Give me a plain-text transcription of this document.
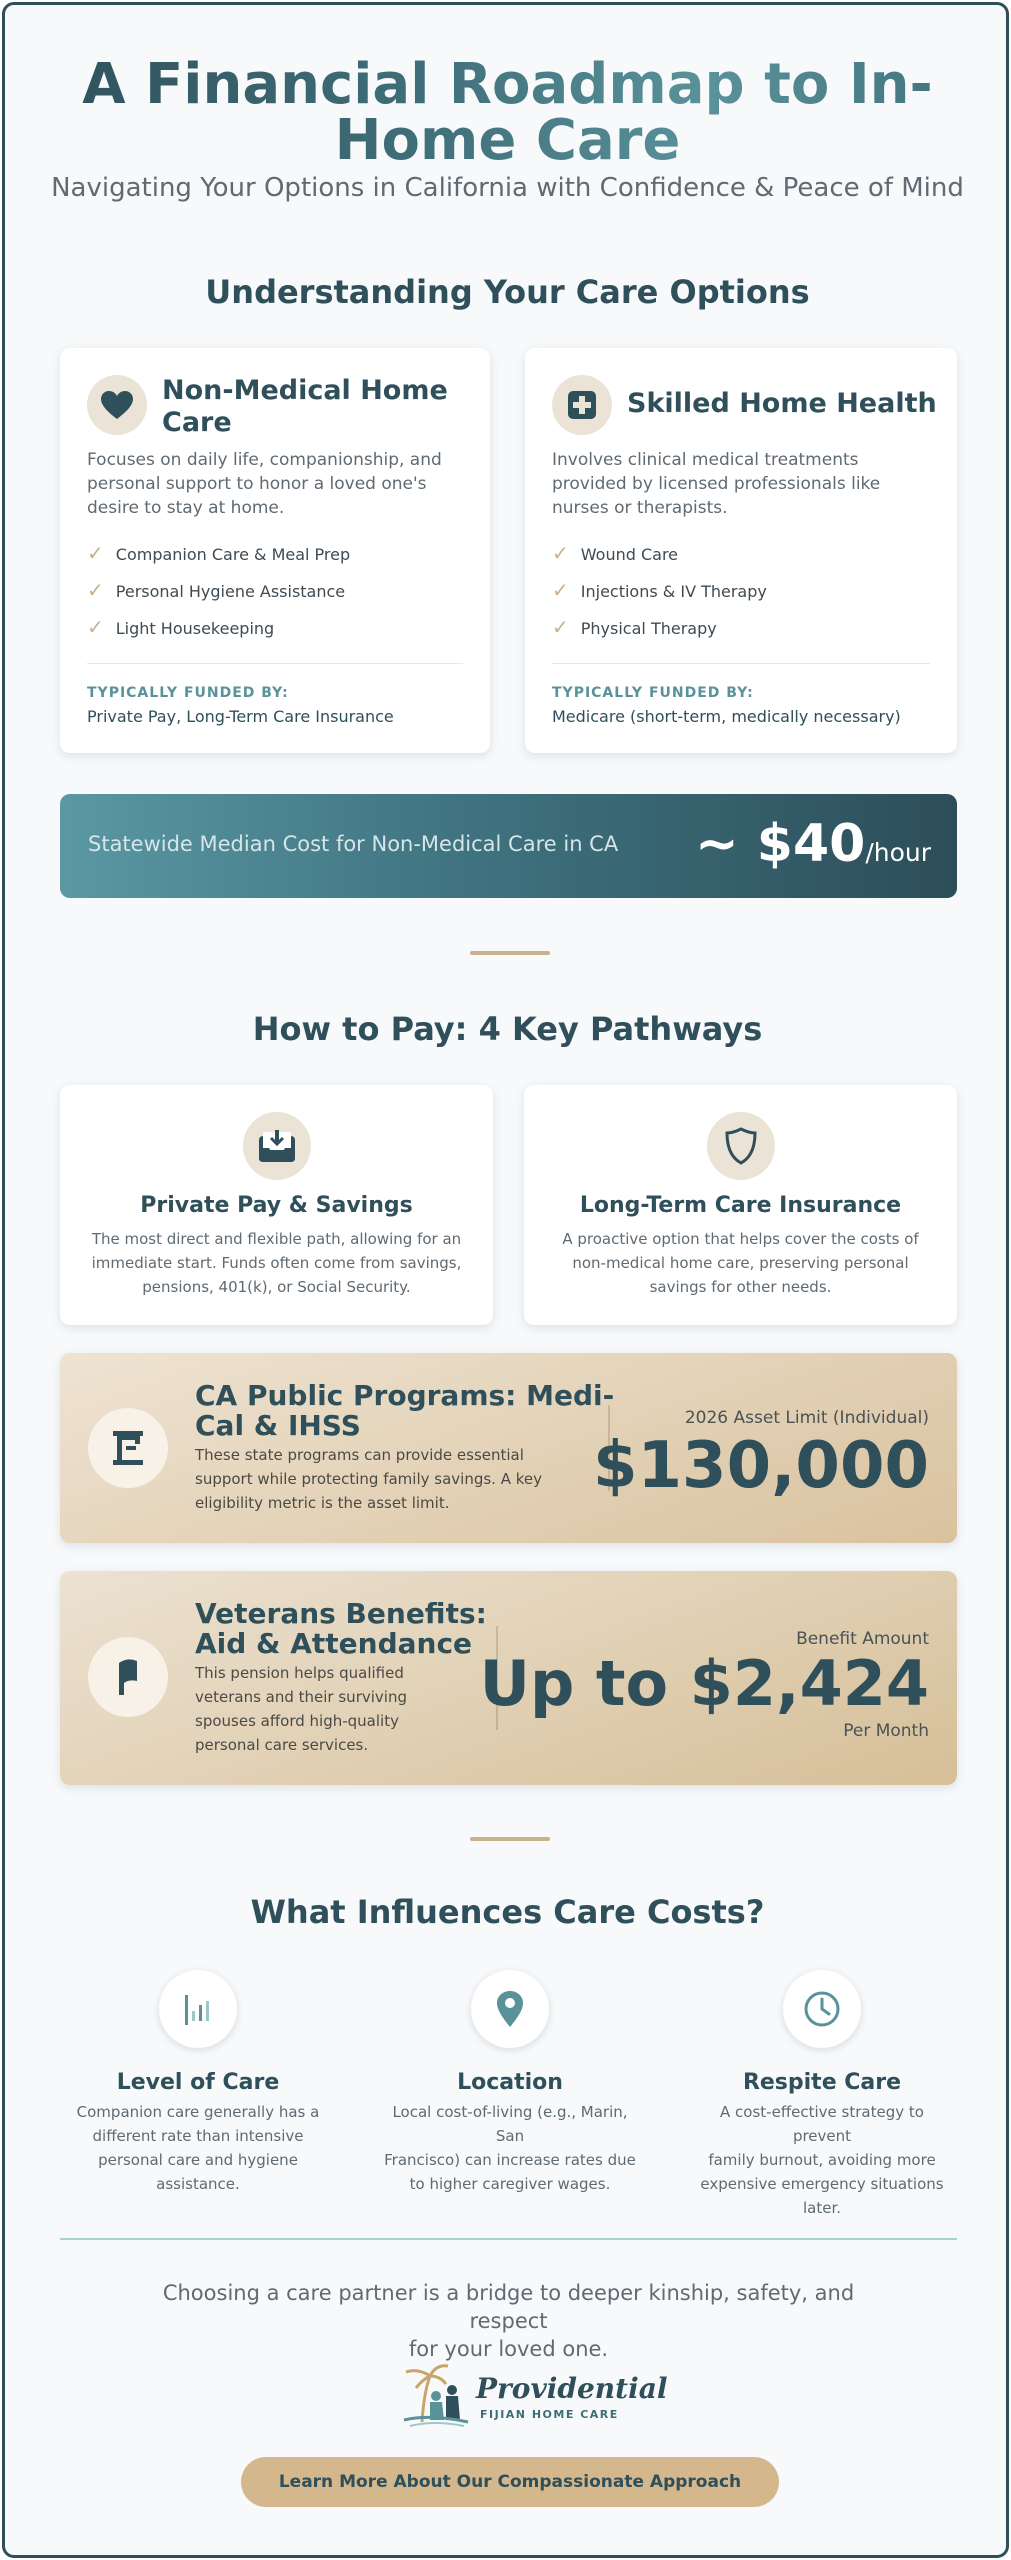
A Financial Roadmap to In-
Home Care
Navigating Your Options in California with Confidence & Peace of Mind
Understanding Your Care Options
Non-Medical Home
Care
Focuses on daily life, companionship, and
personal support to honor a loved one's
desire to stay at home.
✓ Companion Care & Meal Prep
✓ Personal Hygiene Assistance
✓ Light Housekeeping
TYPICALLY FUNDED BY:
Private Pay, Long-Term Care Insurance
Skilled Home Health
Involves clinical medical treatments
provided by licensed professionals like
nurses or therapists.
✓ Wound Care
✓ Injections & IV Therapy
✓ Physical Therapy
TYPICALLY FUNDED BY:
Medicare (short-term, medically necessary)
Statewide Median Cost for Non-Medical Care in CA ~ $40/hour
How to Pay: 4 Key Pathways
Private Pay & Savings
The most direct and flexible path, allowing for an
immediate start. Funds often come from savings,
pensions, 401(k), or Social Security.
Long-Term Care Insurance
A proactive option that helps cover the costs of
non-medical home care, preserving personal
savings for other needs.
CA Public Programs: Medi-
Cal & IHSS
These state programs can provide essential
support while protecting family savings. A key
eligibility metric is the asset limit.
2026 Asset Limit (Individual)
$130,000
Veterans Benefits:
Aid & Attendance
This pension helps qualified
veterans and their surviving
spouses afford high-quality
personal care services.
Benefit Amount
Up to $2,424
Per Month
What Influences Care Costs?
Level of Care
Companion care generally has a
different rate than intensive
personal care and hygiene
assistance.
Location
Local cost-of-living (e.g., Marin, San
Francisco) can increase rates due
to higher caregiver wages.
Respite Care
A cost-effective strategy to prevent
family burnout, avoiding more
expensive emergency situations
later.
Choosing a care partner is a bridge to deeper kinship, safety, and respect
for your loved one.
Providential
FIJIAN HOME CARE
Learn More About Our Compassionate Approach
